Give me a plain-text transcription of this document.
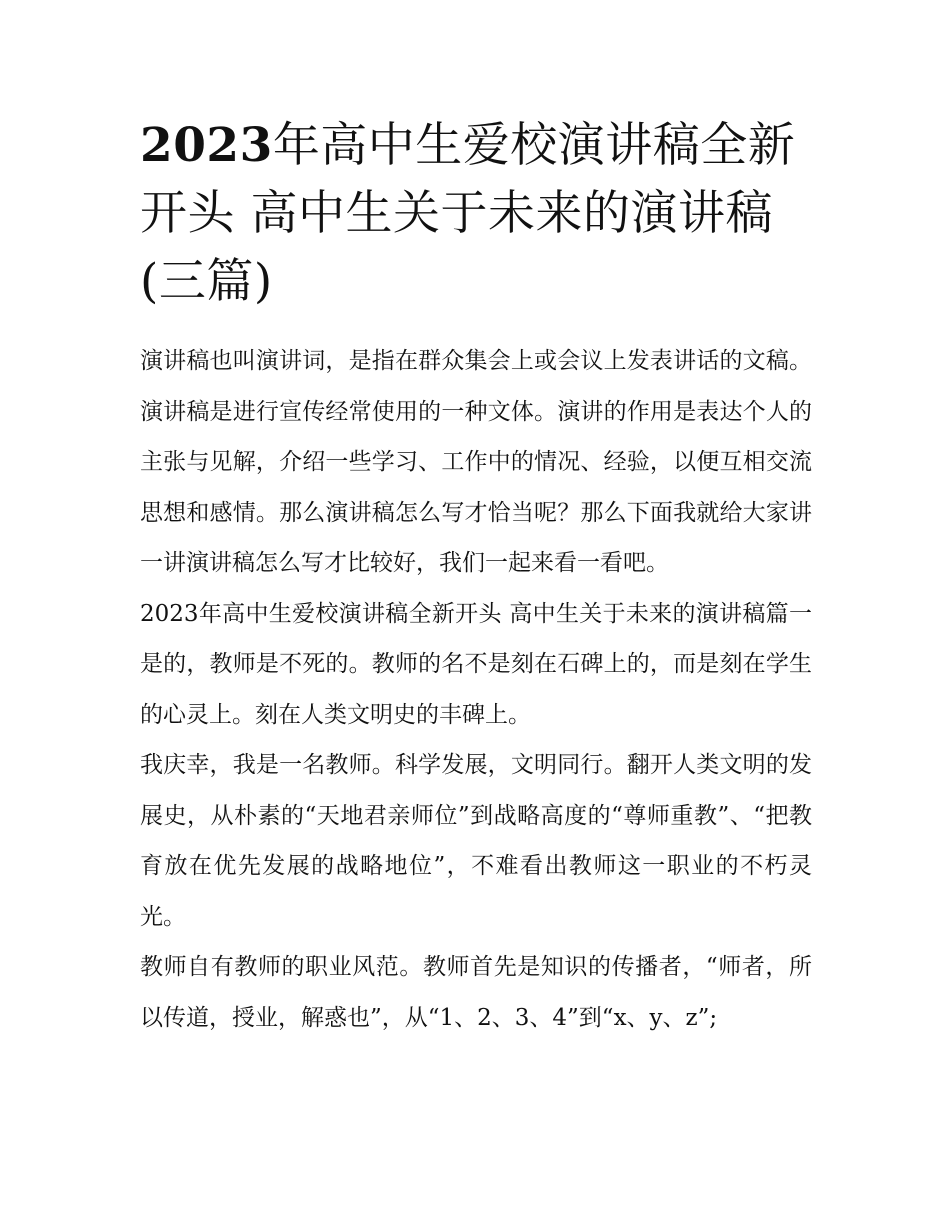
2023年高中生爱校演讲稿全新开头 高中生关于未来的演讲稿(三篇)

演讲稿也叫演讲词，是指在群众集会上或会议上发表讲话的文稿。演讲稿是进行宣传经常使用的一种文体。演讲的作用是表达个人的主张与见解，介绍一些学习、工作中的情况、经验，以便互相交流思想和感情。那么演讲稿怎么写才恰当呢？那么下面我就给大家讲一讲演讲稿怎么写才比较好，我们一起来看一看吧。

2023年高中生爱校演讲稿全新开头 高中生关于未来的演讲稿篇一 是的，教师是不死的。教师的名不是刻在石碑上的，而是刻在学生的心灵上。刻在人类文明史的丰碑上。

我庆幸，我是一名教师。科学发展，文明同行。翻开人类文明的发展史，从朴素的“天地君亲师位”到战略高度的“尊师重教”、“把教育放在优先发展的战略地位”，不难看出教师这一职业的不朽灵光。

教师自有教师的职业风范。教师首先是知识的传播者，“师者，所以传道，授业，解惑也”，从“1、2、3、4”到“x、y、z”;
